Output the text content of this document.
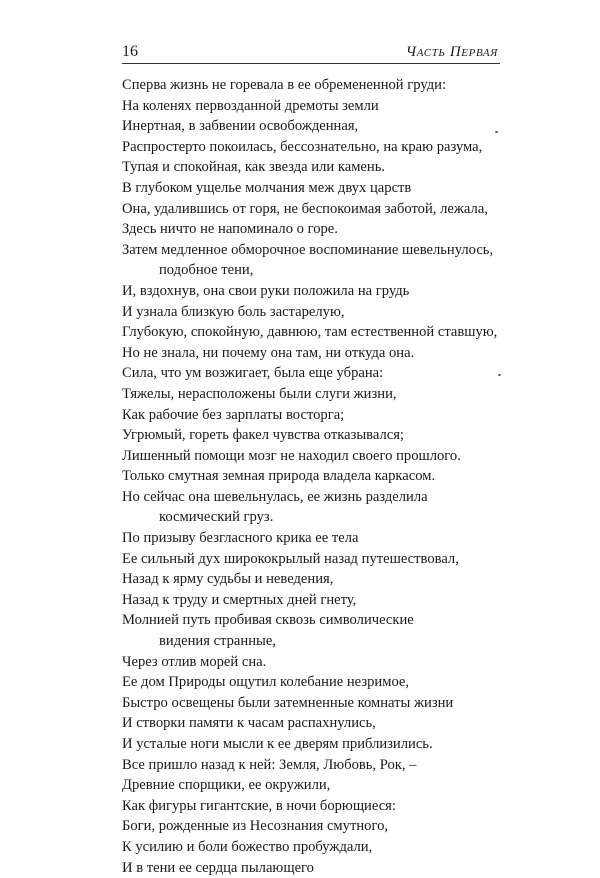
16	Часть Первая
Сперва жизнь не горевала в ее обремененной груди:
На коленях первозданной дремоты земли
Инертная, в забвении освобожденная,
Распростерто покоилась, бессознательно, на краю разума,
Тупая и спокойная, как звезда или камень.
В глубоком ущелье молчания меж двух царств
Она, удалившись от горя, не беспокоимая заботой, лежала,
Здесь ничто не напоминало о горе.
Затем медленное обморочное воспоминание шевельнулось,
подобное тени,
И, вздохнув, она свои руки положила на грудь
И узнала близкую боль застарелую,
Глубокую, спокойную, давнюю, там естественной ставшую,
Но не знала, ни почему она там, ни откуда она.
Сила, что ум возжигает, была еще убрана:
Тяжелы, нерасположены были слуги жизни,
Как рабочие без зарплаты восторга;
Угрюмый, гореть факел чувства отказывался;
Лишенный помощи мозг не находил своего прошлого.
Только смутная земная природа владела каркасом.
Но сейчас она шевельнулась, ее жизнь разделила
космический груз.
По призыву безгласного крика ее тела
Ее сильный дух ширококрылый назад путешествовал,
Назад к ярму судьбы и неведения,
Назад к труду и смертных дней гнету,
Молнией путь пробивая сквозь символические
видения странные,
Через отлив морей сна.
Ее дом Природы ощутил колебание незримое,
Быстро освещены были затемненные комнаты жизни
И створки памяти к часам распахнулись,
И усталые ноги мысли к ее дверям приблизились.
Все пришло назад к ней: Земля, Любовь, Рок, –
Древние спорщики, ее окружили,
Как фигуры гигантские, в ночи борющиеся:
Боги, рожденные из Несознания смутного,
К усилию и боли божество пробуждали,
И в тени ее сердца пылающего
